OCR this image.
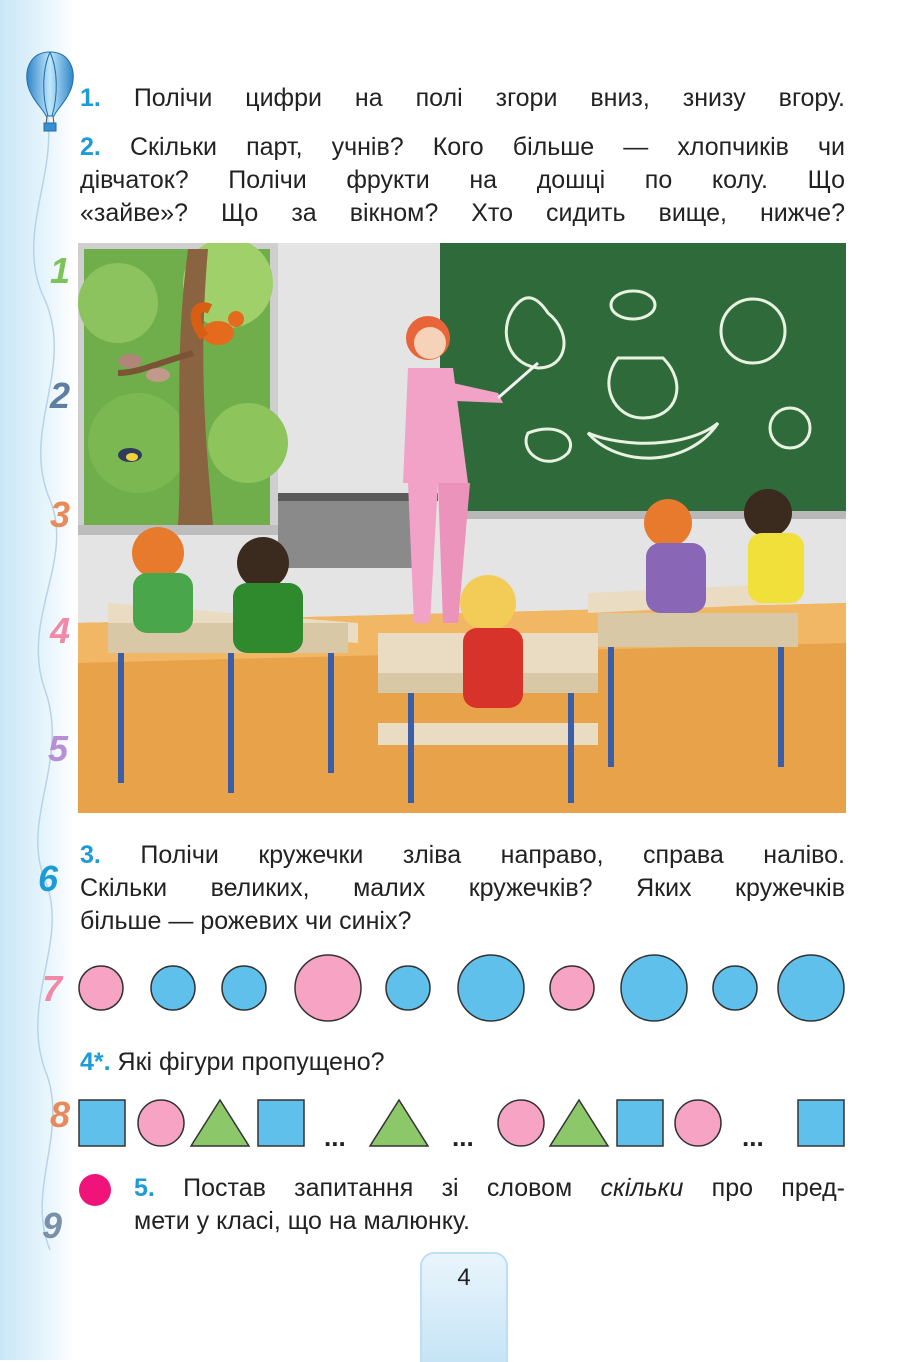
1
2
3
4
5
6
7
8
9
1. Полічи цифри на полі згори вниз, знизу вгору.
2. Скільки парт, учнів? Кого більше — хлопчиків чи
дівчаток? Полічи фрукти на дошці по колу. Що
«зайве»? Що за вікном? Хто сидить вище, нижче?
3. Полічи кружечки зліва направо, справа наліво.
Скільки великих, малих кружечків? Яких кружечків
більше — рожевих чи синіх?
4*. Які фігури пропущено?
...	...	...
5. Постав запитання зі словом скільки про пред-
мети у класі, що на малюнку.
4
